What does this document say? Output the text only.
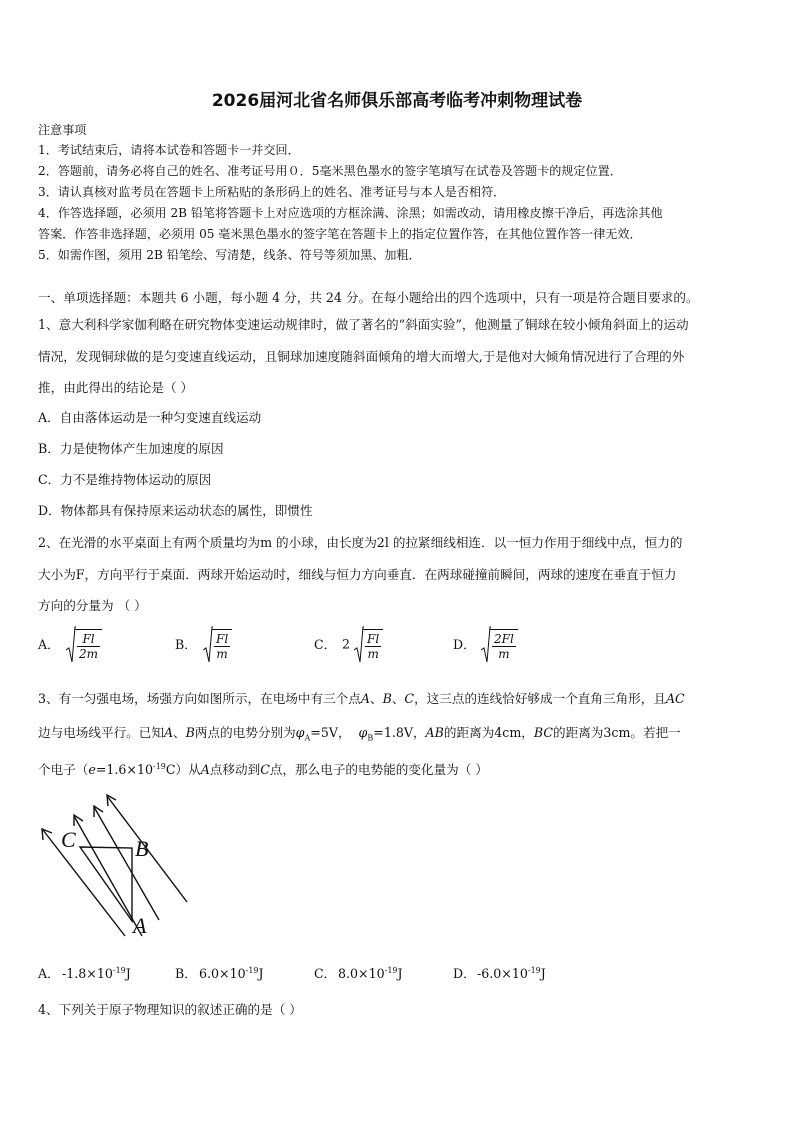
2026届河北省名师俱乐部高考临考冲刺物理试卷
注意事项
1．考试结束后，请将本试卷和答题卡一并交回．
2．答题前，请务必将自己的姓名、准考证号用０．5毫米黑色墨水的签字笔填写在试卷及答题卡的规定位置．
3．请认真核对监考员在答题卡上所粘贴的条形码上的姓名、准考证号与本人是否相符．
4．作答选择题，必须用 2B 铅笔将答题卡上对应选项的方框涂满、涂黑；如需改动，请用橡皮擦干净后，再选涂其他
答案．作答非选择题，必须用 05 毫米黑色墨水的签字笔在答题卡上的指定位置作答，在其他位置作答一律无效．
5．如需作图，须用 2B 铅笔绘、写清楚，线条、符号等须加黑、加粗．
一、单项选择题：本题共 6 小题，每小题 4 分，共 24 分。在每小题给出的四个选项中，只有一项是符合题目要求的。
1、意大利科学家伽利略在研究物体变速运动规律时，做了著名的“斜面实验”，他测量了铜球在较小倾角斜面上的运动
情况，发现铜球做的是匀变速直线运动，且铜球加速度随斜面倾角的增大而增大,于是他对大倾角情况进行了合理的外
推，由此得出的结论是（ ）
A．自由落体运动是一种匀变速直线运动
B．力是使物体产生加速度的原因
C．力不是维持物体运动的原因
D．物体都具有保持原来运动状态的属性，即惯性
2、在光滑的水平桌面上有两个质量均为m 的小球，由长度为2l 的拉紧细线相连．以一恒力作用于细线中点，恒力的
大小为F，方向平行于桌面．两球开始运动时，细线与恒力方向垂直．在两球碰撞前瞬间，两球的速度在垂直于恒力
方向的分量为 （ ）
A． $\frac{Fl}{2m}$	B． $\frac{Fl}{m}$	C． $2 \frac{Fl}{m}$	D． $\frac{2Fl}{m}$
3、有一匀强电场，场强方向如图所示，在电场中有三个点A、B、C，这三点的连线恰好够成一个直角三角形，且AC
边与电场线平行。已知A、B两点的电势分别为$\varphi_A=5V$， $\varphi_B=1.8V$，AB的距离为4cm，BC的距离为3cm。若把一
个电子$(e=1.6\times 10^{-19}C)$从A点移动到C点，那么电子的电势能的变化量为（ ）
C	B
A
A． $-1.8\times 10^{-19}J$	B． $6.0\times 10^{-19}J$	C． $8.0\times 10^{-19}J$	D．$-6.0\times 10^{-19}J$
4、下列关于原子物理知识的叙述正确的是（ ）
